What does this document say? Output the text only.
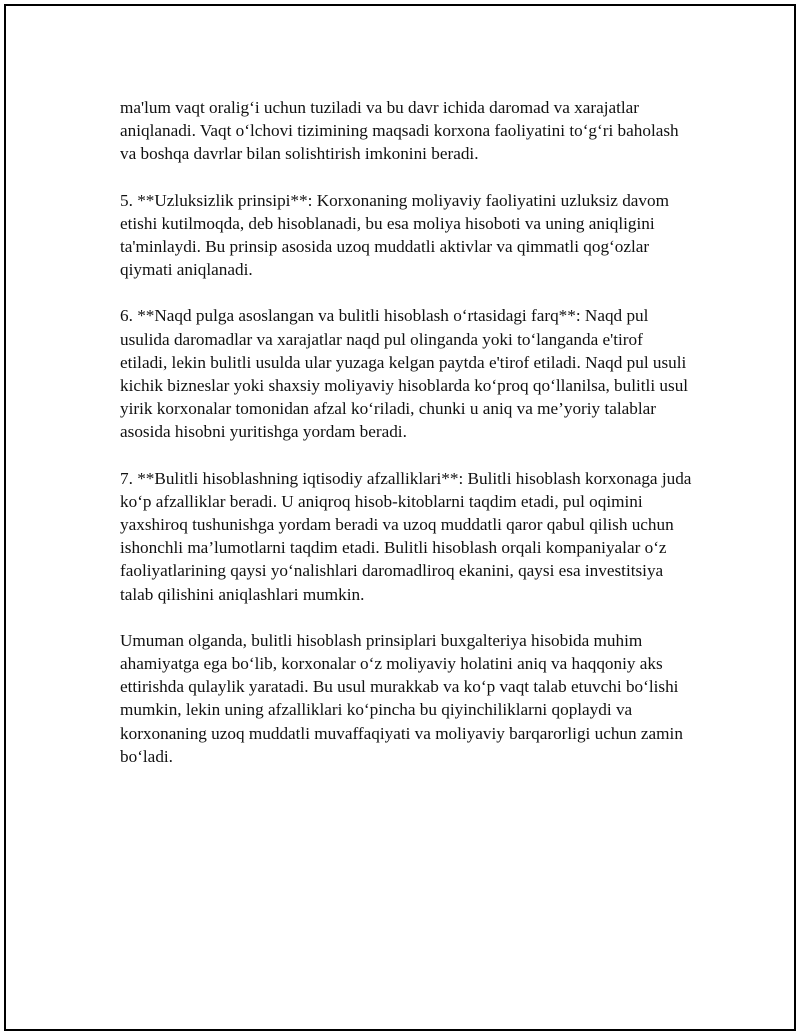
ma'lum vaqt oralig‘i uchun tuziladi va bu davr ichida daromad va xarajatlar aniqlanadi. Vaqt o‘lchovi tizimining maqsadi korxona faoliyatini to‘g‘ri baholash va boshqa davrlar bilan solishtirish imkonini beradi.

5. **Uzluksizlik prinsipi**: Korxonaning moliyaviy faoliyatini uzluksiz davom etishi kutilmoqda, deb hisoblanadi, bu esa moliya hisoboti va uning aniqligini ta'minlaydi. Bu prinsip asosida uzoq muddatli aktivlar va qimmatli qog‘ozlar qiymati aniqlanadi.

6. **Naqd pulga asoslangan va bulitli hisoblash o‘rtasidagi farq**: Naqd pul usulida daromadlar va xarajatlar naqd pul olinganda yoki to‘langanda e'tirof etiladi, lekin bulitli usulda ular yuzaga kelgan paytda e'tirof etiladi. Naqd pul usuli kichik bizneslar yoki shaxsiy moliyaviy hisoblarda ko‘proq qo‘llanilsa, bulitli usul yirik korxonalar tomonidan afzal ko‘riladi, chunki u aniq va me’yoriy talablar asosida hisobni yuritishga yordam beradi.

7. **Bulitli hisoblashning iqtisodiy afzalliklari**: Bulitli hisoblash korxonaga juda ko‘p afzalliklar beradi. U aniqroq hisob-kitoblarni taqdim etadi, pul oqimini yaxshiroq tushunishga yordam beradi va uzoq muddatli qaror qabul qilish uchun ishonchli ma’lumotlarni taqdim etadi. Bulitli hisoblash orqali kompaniyalar o‘z faoliyatlarining qaysi yo‘nalishlari daromadliroq ekanini, qaysi esa investitsiya talab qilishini aniqlashlari mumkin.

Umuman olganda, bulitli hisoblash prinsiplari buxgalteriya hisobida muhim ahamiyatga ega bo‘lib, korxonalar o‘z moliyaviy holatini aniq va haqqoniy aks ettirishda qulaylik yaratadi. Bu usul murakkab va ko‘p vaqt talab etuvchi bo‘lishi mumkin, lekin uning afzalliklari ko‘pincha bu qiyinchiliklarni qoplaydi va korxonaning uzoq muddatli muvaffaqiyati va moliyaviy barqarorligi uchun zamin bo‘ladi.
